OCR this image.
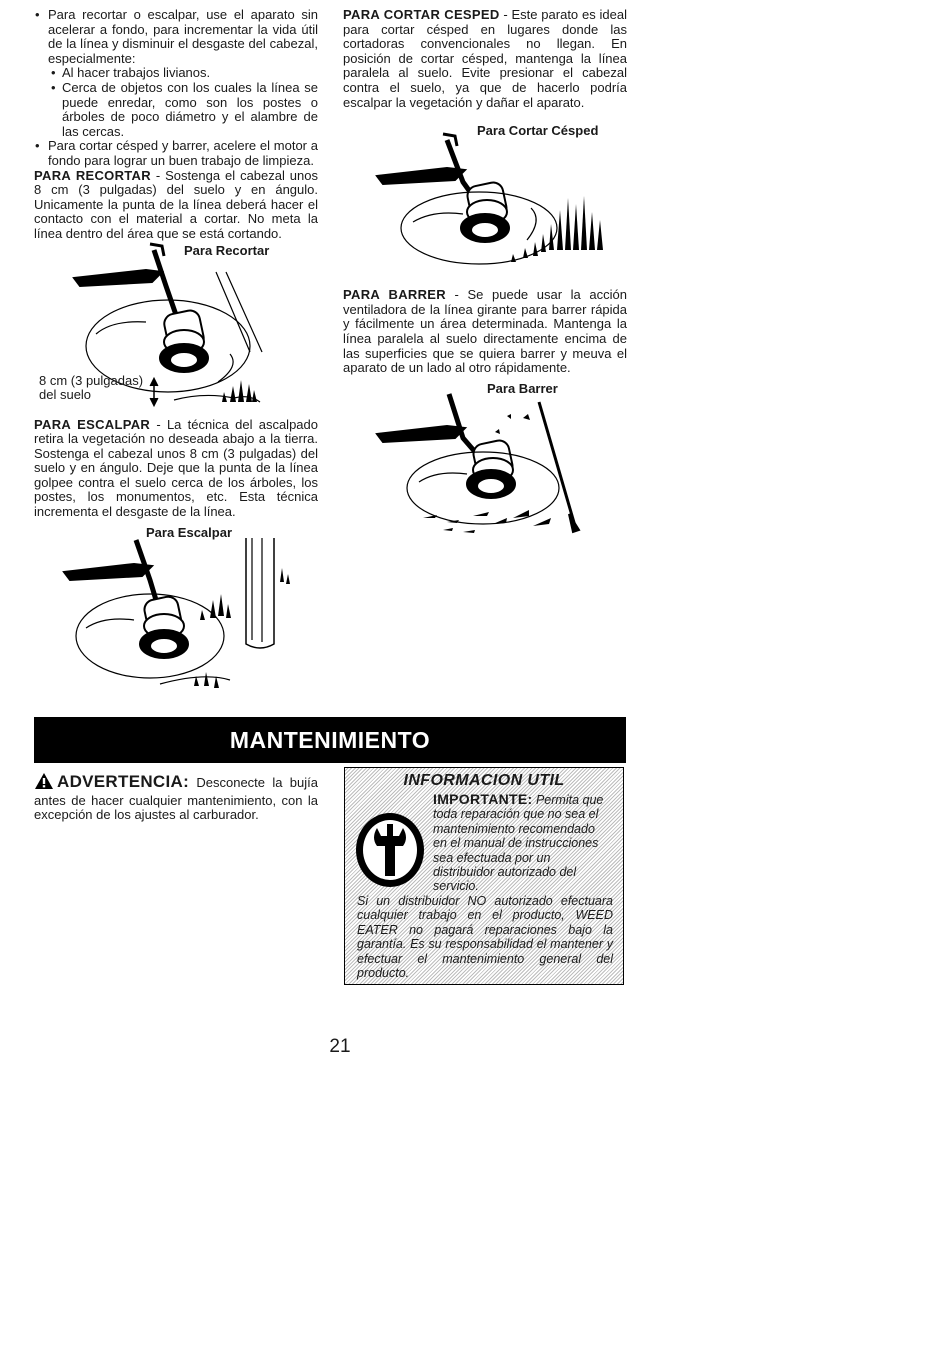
• Para recortar o escalpar, use el aparato sin acelerar a fondo, para incrementar la vida útil de la línea y disminuir el desgaste del cabezal, especialmente:
• Al hacer trabajos livianos.
• Cerca de objetos con los cuales la línea se puede enredar, como son los postes o árboles de poco diámetro y el alambre de las cercas.
• Para cortar césped y barrer, acelere el motor a fondo para lograr un buen trabajo de limpieza.

PARA RECORTAR - Sostenga el cabezal unos 8 cm (3 pulgadas) del suelo y en ángulo. Unicamente la punta de la línea deberá hacer el contacto con el material a cortar. No meta la línea dentro del área que se está cortando.

Para Recortar
8 cm (3 pulgadas) del suelo

PARA ESCALPAR - La técnica del ascalpado retira la vegetación no deseada abajo a la tierra. Sostenga el cabezal unos 8 cm (3 pulgadas) del suelo y en ángulo. Deje que la punta de la línea golpee contra el suelo cerca de los árboles, los postes, los monumentos, etc. Esta técnica incrementa el desgaste de la línea.

Para Escalpar

PARA CORTAR CESPED - Este parato es ideal para cortar césped en lugares donde las cortadoras convencionales no llegan. En posición de cortar césped, mantenga la línea paralela al suelo. Evite presionar el cabezal contra el suelo, ya que de hacerlo podría escalpar la vegetación y dañar el aparato.

Para Cortar Césped

PARA BARRER - Se puede usar la acción ventiladora de la línea girante para barrer rápida y fácilmente un área determinada. Mantenga la línea paralela al suelo directamente encima de las superficies que se quiera barrer y meuva el aparato de un lado al otro rápidamente.

Para Barrer
MANTENIMIENTO
ADVERTENCIA: Desconecte la bujía antes de hacer cualquier mantenimiento, con la excepción de los ajustes al carburador.
INFORMACION UTIL
IMPORTANTE: Permita que toda reparación que no sea el mantenimiento recomendado en el manual de instrucciones sea efectuada por un distribuidor autorizado del servicio.
Si un distribuidor NO autorizado efectuara cualquier trabajo en el producto, WEED EATER no pagará reparaciones bajo la garantía. Es su responsabilidad el mantener y efectuar el mantenimiento general del producto.
21
